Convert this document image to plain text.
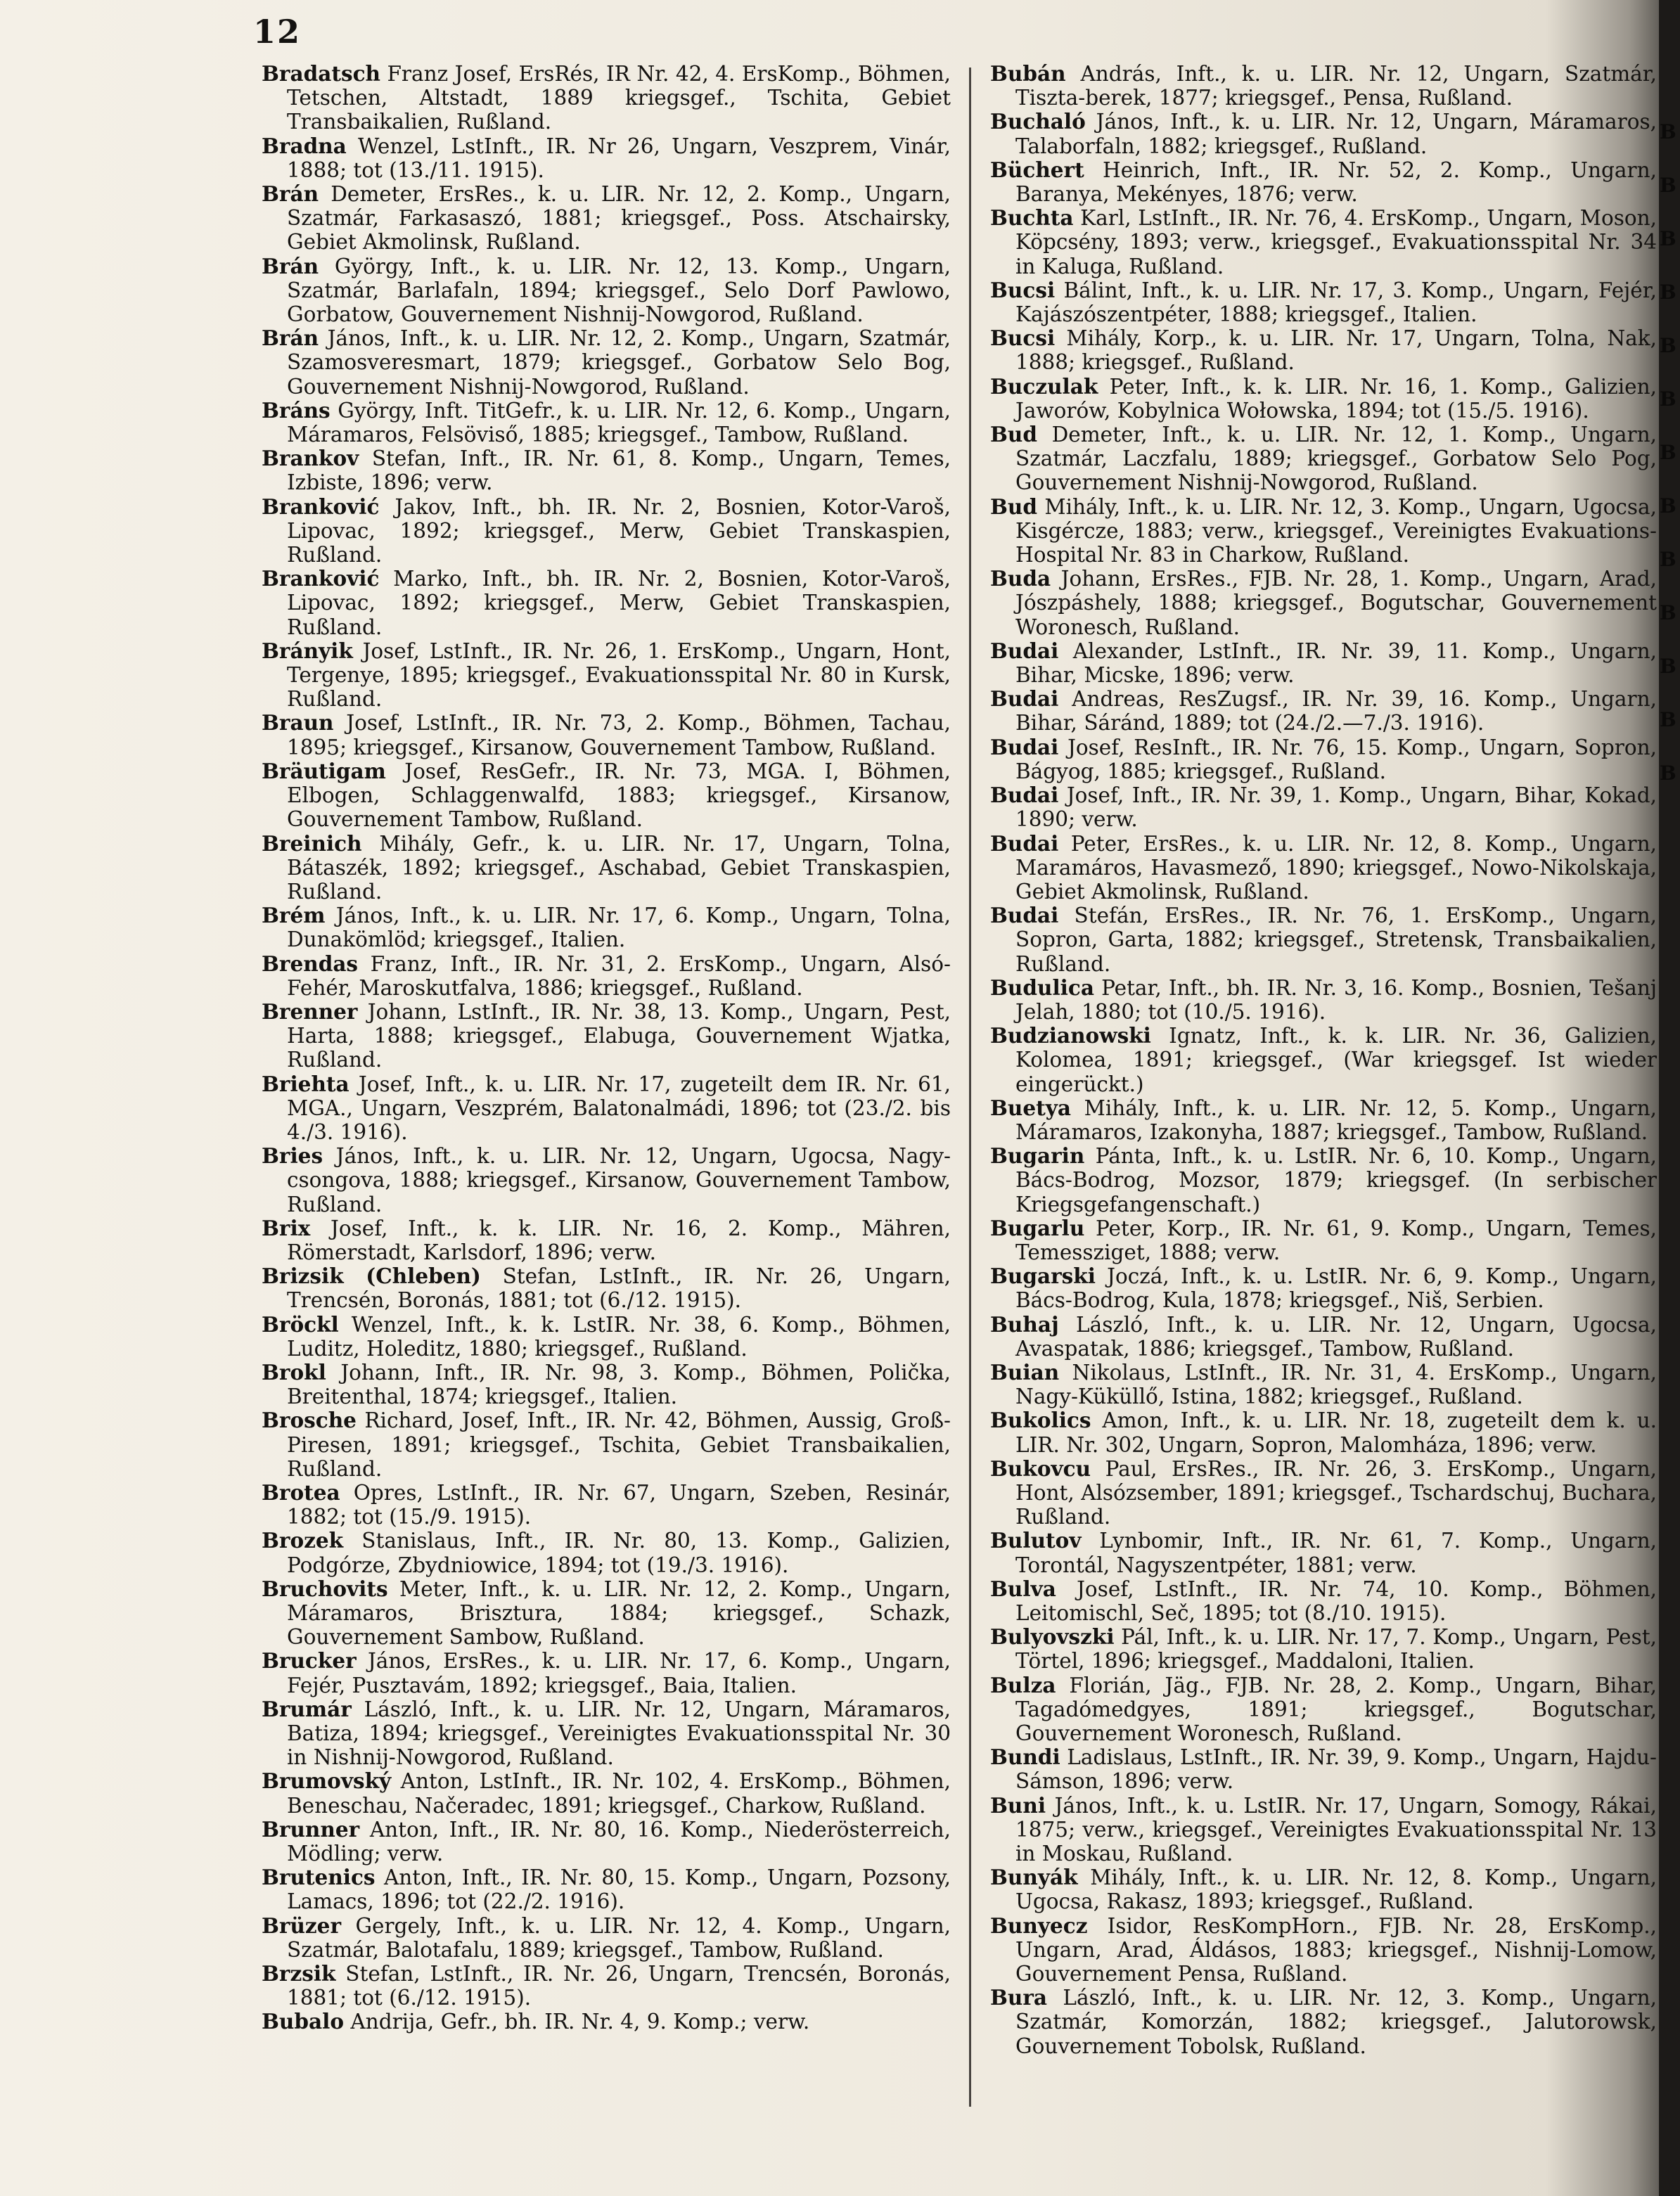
12

Bradatsch Franz Josef, ErsRés, IR Nr. 42, 4. ErsKomp., Böhmen, Tetschen, Altstadt, 1889 kriegsgef., Tschita, Gebiet Transbaikalien, Rußland.

Bradna Wenzel, LstInft., IR. Nr 26, Ungarn, Veszprem, Vinár, 1888; tot (13./11. 1915).

Brán Demeter, ErsRes., k. u. LIR. Nr. 12, 2. Komp., Ungarn, Szatmár, Farkasaszó, 1881; kriegsgef., Poss. Atschairsky, Gebiet Akmolinsk, Rußland.

Brán György, Inft., k. u. LIR. Nr. 12, 13. Komp., Ungarn, Szatmár, Barlafaln, 1894; kriegsgef., Selo Dorf Pawlowo, Gorbatow, Gouvernement Nishnij-Nowgorod, Rußland.

Brán János, Inft., k. u. LIR. Nr. 12, 2. Komp., Ungarn, Szatmár, Szamosveresmart, 1879; kriegsgef., Gorbatow Selo Bog, Gouvernement Nishnij-Nowgorod, Rußland.

Bráns György, Inft. TitGefr., k. u. LIR. Nr. 12, 6. Komp., Ungarn, Máramaros, Felsöviső, 1885; kriegsgef., Tambow, Rußland.

Brankov Stefan, Inft., IR. Nr. 61, 8. Komp., Ungarn, Temes, Izbiste, 1896; verw.

Branković Jakov, Inft., bh. IR. Nr. 2, Bosnien, Kotor-Varoš, Lipovac, 1892; kriegsgef., Merw, Gebiet Transkaspien, Rußland.

Branković Marko, Inft., bh. IR. Nr. 2, Bosnien, Kotor-Varoš, Lipovac, 1892; kriegsgef., Merw, Gebiet Transkaspien, Rußland.

Brányik Josef, LstInft., IR. Nr. 26, 1. ErsKomp., Ungarn, Hont, Tergenye, 1895; kriegsgef., Evakuationsspital Nr. 80 in Kursk, Rußland.

Braun Josef, LstInft., IR. Nr. 73, 2. Komp., Böhmen, Tachau, 1895; kriegsgef., Kirsanow, Gouvernement Tambow, Rußland.

Bräutigam Josef, ResGefr., IR. Nr. 73, MGA. I, Böhmen, Elbogen, Schlaggenwalfd, 1883; kriegsgef., Kirsanow, Gouvernement Tambow, Rußland.

Breinich Mihály, Gefr., k. u. LIR. Nr. 17, Ungarn, Tolna, Bátaszék, 1892; kriegsgef., Aschabad, Gebiet Transkaspien, Rußland.

Brém János, Inft., k. u. LIR. Nr. 17, 6. Komp., Ungarn, Tolna, Dunakömlöd; kriegsgef., Italien.

Brendas Franz, Inft., IR. Nr. 31, 2. ErsKomp., Ungarn, Alsó-Fehér, Maroskutfalva, 1886; kriegsgef., Rußland.

Brenner Johann, LstInft., IR. Nr. 38, 13. Komp., Ungarn, Pest, Harta, 1888; kriegsgef., Elabuga, Gouvernement Wjatka, Rußland.

Briehta Josef, Inft., k. u. LIR. Nr. 17, zugeteilt dem IR. Nr. 61, MGA., Ungarn, Veszprém, Balatonalmádi, 1896; tot (23./2. bis 4./3. 1916).

Bries János, Inft., k. u. LIR. Nr. 12, Ungarn, Ugocsa, Nagy-csongova, 1888; kriegsgef., Kirsanow, Gouvernement Tambow, Rußland.

Brix Josef, Inft., k. k. LIR. Nr. 16, 2. Komp., Mähren, Römerstadt, Karlsdorf, 1896; verw.

Brizsik (Chleben) Stefan, LstInft., IR. Nr. 26, Ungarn, Trencsén, Boronás, 1881; tot (6./12. 1915).

Bröckl Wenzel, Inft., k. k. LstIR. Nr. 38, 6. Komp., Böhmen, Luditz, Holeditz, 1880; kriegsgef., Rußland.

Brokl Johann, Inft., IR. Nr. 98, 3. Komp., Böhmen, Polička, Breitenthal, 1874; kriegsgef., Italien.

Brosche Richard, Josef, Inft., IR. Nr. 42, Böhmen, Aussig, Groß-Piresen, 1891; kriegsgef., Tschita, Gebiet Transbaikalien, Rußland.

Brotea Opres, LstInft., IR. Nr. 67, Ungarn, Szeben, Resinár, 1882; tot (15./9. 1915).

Brozek Stanislaus, Inft., IR. Nr. 80, 13. Komp., Galizien, Podgórze, Zbydniowice, 1894; tot (19./3. 1916).

Bruchovits Meter, Inft., k. u. LIR. Nr. 12, 2. Komp., Ungarn, Máramaros, Brisztura, 1884; kriegsgef., Schazk, Gouvernement Sambow, Rußland.

Brucker János, ErsRes., k. u. LIR. Nr. 17, 6. Komp., Ungarn, Fejér, Pusztavám, 1892; kriegsgef., Baia, Italien.

Brumár László, Inft., k. u. LIR. Nr. 12, Ungarn, Máramaros, Batiza, 1894; kriegsgef., Vereinigtes Evakuationsspital Nr. 30 in Nishnij-Nowgorod, Rußland.

Brumovský Anton, LstInft., IR. Nr. 102, 4. ErsKomp., Böhmen, Beneschau, Načeradec, 1891; kriegsgef., Charkow, Rußland.

Brunner Anton, Inft., IR. Nr. 80, 16. Komp., Niederösterreich, Mödling; verw.

Brutenics Anton, Inft., IR. Nr. 80, 15. Komp., Ungarn, Pozsony, Lamacs, 1896; tot (22./2. 1916).

Brüzer Gergely, Inft., k. u. LIR. Nr. 12, 4. Komp., Ungarn, Szatmár, Balotafalu, 1889; kriegsgef., Tambow, Rußland.

Brzsik Stefan, LstInft., IR. Nr. 26, Ungarn, Trencsén, Boronás, 1881; tot (6./12. 1915).

Bubalo Andrija, Gefr., bh. IR. Nr. 4, 9. Komp.; verw.

Bubán András, Inft., k. u. LIR. Nr. 12, Ungarn, Szatmár, Tiszta-berek, 1877; kriegsgef., Pensa, Rußland.

Buchaló János, Inft., k. u. LIR. Nr. 12, Ungarn, Máramaros, Talaborfaln, 1882; kriegsgef., Rußland.

Büchert Heinrich, Inft., IR. Nr. 52, 2. Komp., Ungarn, Baranya, Mekényes, 1876; verw.

Buchta Karl, LstInft., IR. Nr. 76, 4. ErsKomp., Ungarn, Moson, Köpcsény, 1893; verw., kriegsgef., Evakuationsspital Nr. 34 in Kaluga, Rußland.

Bucsi Bálint, Inft., k. u. LIR. Nr. 17, 3. Komp., Ungarn, Fejér, Kajászószentpéter, 1888; kriegsgef., Italien.

Bucsi Mihály, Korp., k. u. LIR. Nr. 17, Ungarn, Tolna, Nak, 1888; kriegsgef., Rußland.

Buczulak Peter, Inft., k. k. LIR. Nr. 16, 1. Komp., Galizien, Jaworów, Kobylnica Wołowska, 1894; tot (15./5. 1916).

Bud Demeter, Inft., k. u. LIR. Nr. 12, 1. Komp., Ungarn, Szatmár, Laczfalu, 1889; kriegsgef., Gorbatow Selo Pog, Gouvernement Nishnij-Nowgorod, Rußland.

Bud Mihály, Inft., k. u. LIR. Nr. 12, 3. Komp., Ungarn, Ugocsa, Kisgércze, 1883; verw., kriegsgef., Vereinigtes Evakuations-Hospital Nr. 83 in Charkow, Rußland.

Buda Johann, ErsRes., FJB. Nr. 28, 1. Komp., Ungarn, Arad, Jószpáshely, 1888; kriegsgef., Bogutschar, Gouvernement Woronesch, Rußland.

Budai Alexander, LstInft., IR. Nr. 39, 11. Komp., Ungarn, Bihar, Micske, 1896; verw.

Budai Andreas, ResZugsf., IR. Nr. 39, 16. Komp., Ungarn, Bihar, Sáránd, 1889; tot (24./2.—7./3. 1916).

Budai Josef, ResInft., IR. Nr. 76, 15. Komp., Ungarn, Sopron, Bágyog, 1885; kriegsgef., Rußland.

Budai Josef, Inft., IR. Nr. 39, 1. Komp., Ungarn, Bihar, Kokad, 1890; verw.

Budai Peter, ErsRes., k. u. LIR. Nr. 12, 8. Komp., Ungarn, Maramáros, Havasmező, 1890; kriegsgef., Nowo-Nikolskaja, Gebiet Akmolinsk, Rußland.

Budai Stefán, ErsRes., IR. Nr. 76, 1. ErsKomp., Ungarn, Sopron, Garta, 1882; kriegsgef., Stretensk, Transbaikalien, Rußland.

Budulica Petar, Inft., bh. IR. Nr. 3, 16. Komp., Bosnien, Tešanj Jelah, 1880; tot (10./5. 1916).

Budzianowski Ignatz, Inft., k. k. LIR. Nr. 36, Galizien, Kolomea, 1891; kriegsgef., (War kriegsgef. Ist wieder eingerückt.)

Buetya Mihály, Inft., k. u. LIR. Nr. 12, 5. Komp., Ungarn, Máramaros, Izakonyha, 1887; kriegsgef., Tambow, Rußland.

Bugarin Pánta, Inft., k. u. LstIR. Nr. 6, 10. Komp., Ungarn, Bács-Bodrog, Mozsor, 1879; kriegsgef. (In serbischer Kriegsgefangenschaft.)

Bugarlu Peter, Korp., IR. Nr. 61, 9. Komp., Ungarn, Temes, Temessziget, 1888; verw.

Bugarski Joczá, Inft., k. u. LstIR. Nr. 6, 9. Komp., Ungarn, Bács-Bodrog, Kula, 1878; kriegsgef., Niš, Serbien.

Buhaj László, Inft., k. u. LIR. Nr. 12, Ungarn, Ugocsa, Avaspatak, 1886; kriegsgef., Tambow, Rußland.

Buian Nikolaus, LstInft., IR. Nr. 31, 4. ErsKomp., Ungarn, Nagy-Küküllő, Istina, 1882; kriegsgef., Rußland.

Bukolics Amon, Inft., k. u. LIR. Nr. 18, zugeteilt dem k. u. LIR. Nr. 302, Ungarn, Sopron, Malomháza, 1896; verw.

Bukovcu Paul, ErsRes., IR. Nr. 26, 3. ErsKomp., Ungarn, Hont, Alsózsember, 1891; kriegsgef., Tschardschuj, Buchara, Rußland.

Bulutov Lynbomir, Inft., IR. Nr. 61, 7. Komp., Ungarn, Torontál, Nagyszentpéter, 1881; verw.

Bulva Josef, LstInft., IR. Nr. 74, 10. Komp., Böhmen, Leitomischl, Seč, 1895; tot (8./10. 1915).

Bulyovszki Pál, Inft., k. u. LIR. Nr. 17, 7. Komp., Ungarn, Pest, Törtel, 1896; kriegsgef., Maddaloni, Italien.

Bulza Florián, Jäg., FJB. Nr. 28, 2. Komp., Ungarn, Bihar, Tagadómedgyes, 1891; kriegsgef., Bogutschar, Gouvernement Woronesch, Rußland.

Bundi Ladislaus, LstInft., IR. Nr. 39, 9. Komp., Ungarn, Hajdu-Sámson, 1896; verw.

Buni János, Inft., k. u. LstIR. Nr. 17, Ungarn, Somogy, Rákai, 1875; verw., kriegsgef., Vereinigtes Evakuationsspital Nr. 13 in Moskau, Rußland.

Bunyák Mihály, Inft., k. u. LIR. Nr. 12, 8. Komp., Ungarn, Ugocsa, Rakasz, 1893; kriegsgef., Rußland.

Bunyecz Isidor, ResKompHorn., FJB. Nr. 28, ErsKomp., Ungarn, Arad, Áldásos, 1883; kriegsgef., Nishnij-Lomow, Gouvernement Pensa, Rußland.

Bura László, Inft., k. u. LIR. Nr. 12, 3. Komp., Ungarn, Szatmár, Komorzán, 1882; kriegsgef., Jalutorowsk, Gouvernement Tobolsk, Rußland.

B
B
B
B
B
B
B
B
B
B
B
B
B
